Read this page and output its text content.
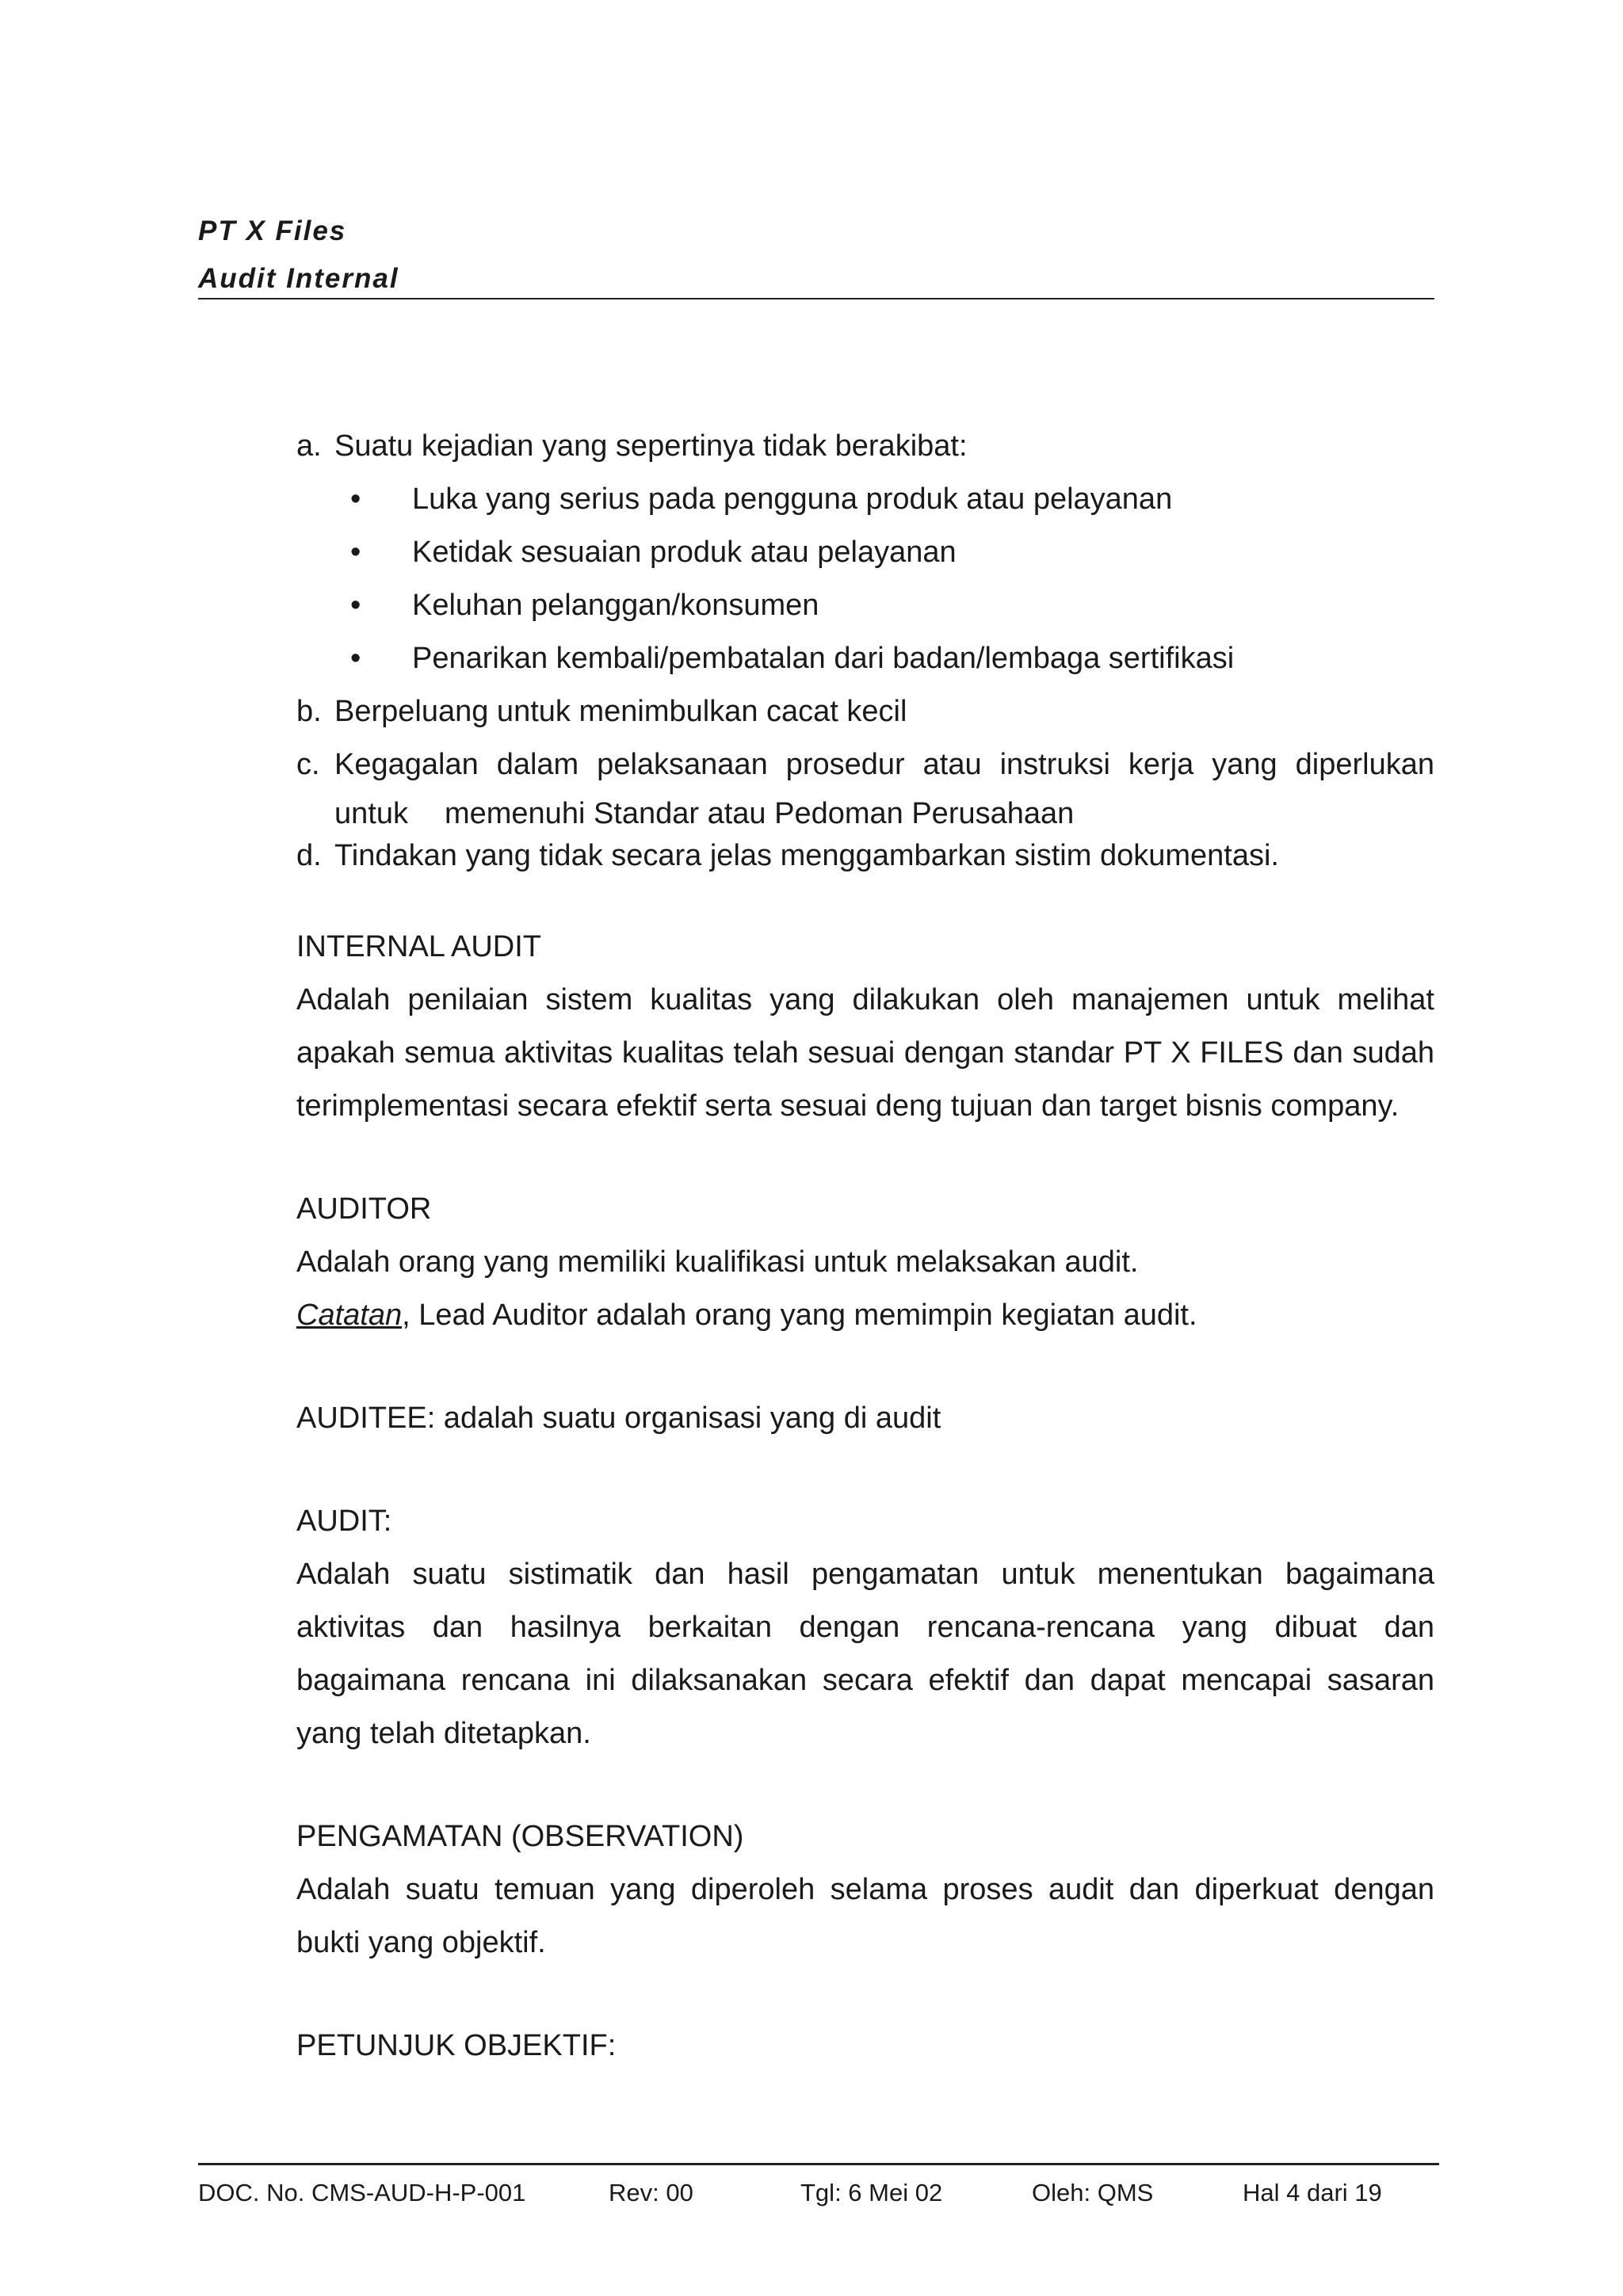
PT X Files
Audit Internal
a. Suatu kejadian yang sepertinya tidak berakibat:
• Luka yang serius pada pengguna produk atau pelayanan
• Ketidak sesuaian produk atau pelayanan
• Keluhan pelanggan/konsumen
• Penarikan kembali/pembatalan dari badan/lembaga sertifikasi
b. Berpeluang untuk menimbulkan cacat kecil
c. Kegagalan dalam pelaksanaan prosedur atau instruksi kerja yang diperlukan
untuk memenuhi Standar atau Pedoman Perusahaan
d. Tindakan yang tidak secara jelas menggambarkan sistim dokumentasi.
INTERNAL AUDIT
Adalah penilaian sistem kualitas yang dilakukan oleh manajemen untuk melihat apakah semua aktivitas kualitas telah sesuai dengan standar PT X FILES dan sudah terimplementasi secara efektif serta sesuai deng tujuan dan target bisnis company.
AUDITOR
Adalah orang yang memiliki kualifikasi untuk melaksakan audit.
Catatan, Lead Auditor adalah orang yang memimpin kegiatan audit.
AUDITEE: adalah suatu organisasi yang di audit
AUDIT:
Adalah suatu sistimatik dan hasil pengamatan untuk menentukan bagaimana aktivitas dan hasilnya berkaitan dengan rencana-rencana yang dibuat dan bagaimana rencana ini dilaksanakan secara efektif dan dapat mencapai sasaran yang telah ditetapkan.
PENGAMATAN (OBSERVATION)
Adalah suatu temuan yang diperoleh selama proses audit dan diperkuat dengan bukti yang objektif.
PETUNJUK OBJEKTIF:
DOC. No. CMS-AUD-H-P-001	Rev: 00	Tgl: 6 Mei 02	Oleh: QMS	Hal 4 dari 19
